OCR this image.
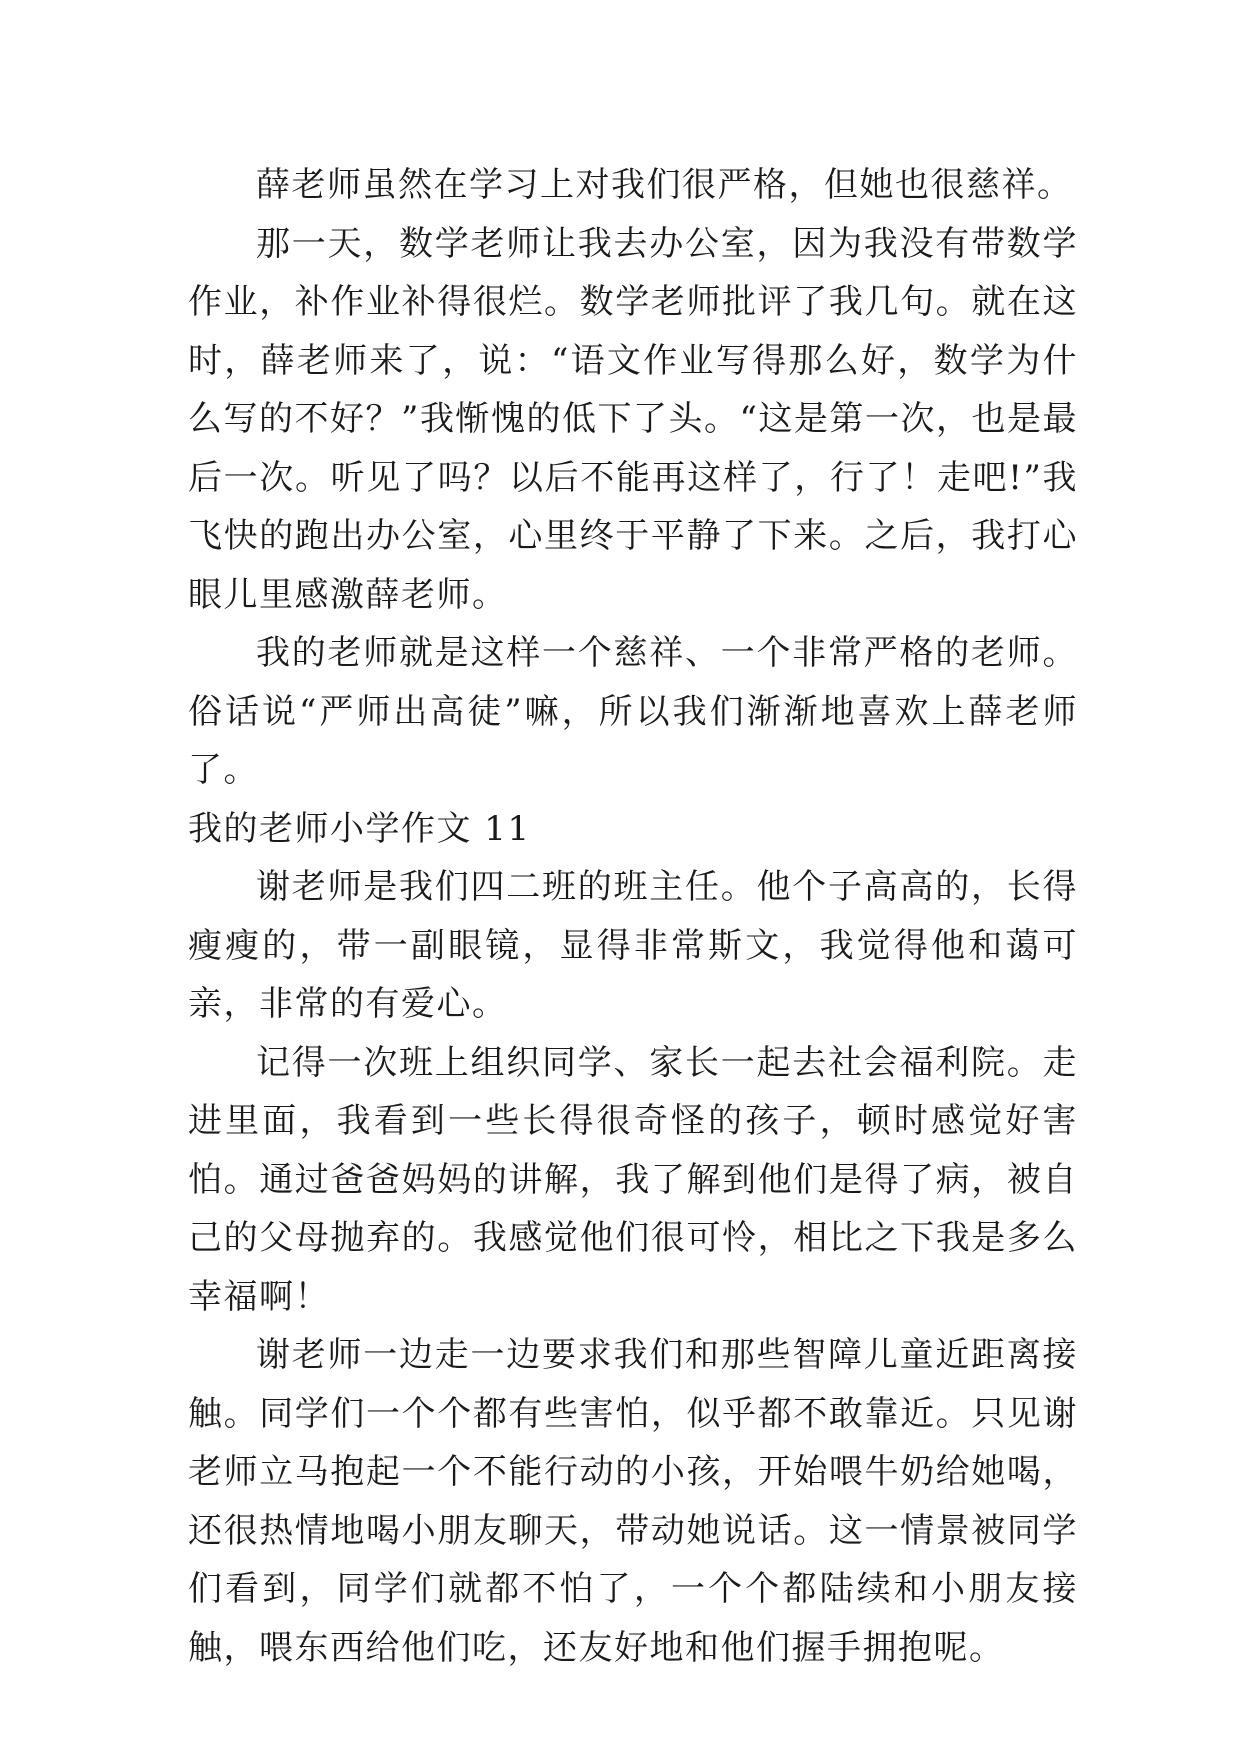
薛老师虽然在学习上对我们很严格，但她也很慈祥。

那一天，数学老师让我去办公室，因为我没有带数学作业，补作业补得很烂。数学老师批评了我几句。就在这时，薛老师来了，说：“语文作业写得那么好，数学为什么写的不好？”我惭愧的低下了头。“这是第一次，也是最后一次。听见了吗？以后不能再这样了，行了！走吧!”我飞快的跑出办公室，心里终于平静了下来。之后，我打心眼儿里感激薛老师。

我的老师就是这样一个慈祥、一个非常严格的老师。俗话说“严师出高徒”嘛，所以我们渐渐地喜欢上薛老师了。

我的老师小学作文 11

谢老师是我们四二班的班主任。他个子高高的，长得瘦瘦的，带一副眼镜，显得非常斯文，我觉得他和蔼可亲，非常的有爱心。

记得一次班上组织同学、家长一起去社会福利院。走进里面，我看到一些长得很奇怪的孩子，顿时感觉好害怕。通过爸爸妈妈的讲解，我了解到他们是得了病，被自己的父母抛弃的。我感觉他们很可怜，相比之下我是多么幸福啊！

谢老师一边走一边要求我们和那些智障儿童近距离接触。同学们一个个都有些害怕，似乎都不敢靠近。只见谢老师立马抱起一个不能行动的小孩，开始喂牛奶给她喝，还很热情地喝小朋友聊天，带动她说话。这一情景被同学们看到，同学们就都不怕了，一个个都陆续和小朋友接触，喂东西给他们吃，还友好地和他们握手拥抱呢。
